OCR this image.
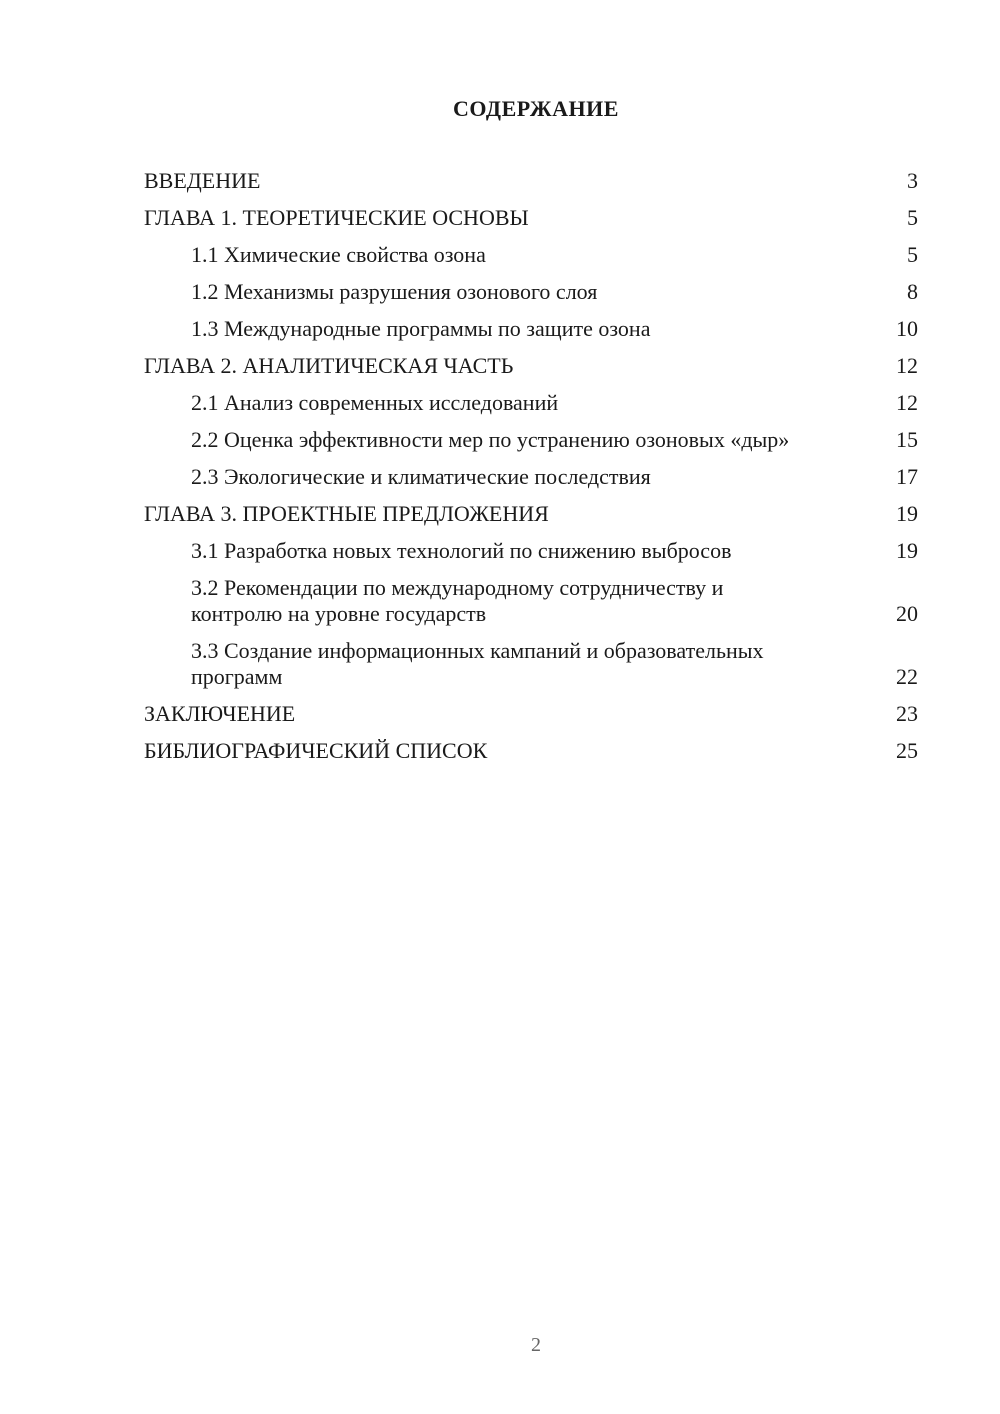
СОДЕРЖАНИЕ
ВВЕДЕНИЕ	3
ГЛАВА 1. ТЕОРЕТИЧЕСКИЕ ОСНОВЫ	5
1.1 Химические свойства озона	5
1.2 Механизмы разрушения озонового слоя	8
1.3 Международные программы по защите озона	10
ГЛАВА 2. АНАЛИТИЧЕСКАЯ ЧАСТЬ	12
2.1 Анализ современных исследований	12
2.2 Оценка эффективности мер по устранению озоновых «дыр»	15
2.3 Экологические и климатические последствия	17
ГЛАВА 3. ПРОЕКТНЫЕ ПРЕДЛОЖЕНИЯ	19
3.1 Разработка новых технологий по снижению выбросов	19
3.2 Рекомендации по международному сотрудничеству и контролю на уровне государств	20
3.3 Создание информационных кампаний и образовательных программ	22
ЗАКЛЮЧЕНИЕ	23
БИБЛИОГРАФИЧЕСКИЙ СПИСОК	25
2
